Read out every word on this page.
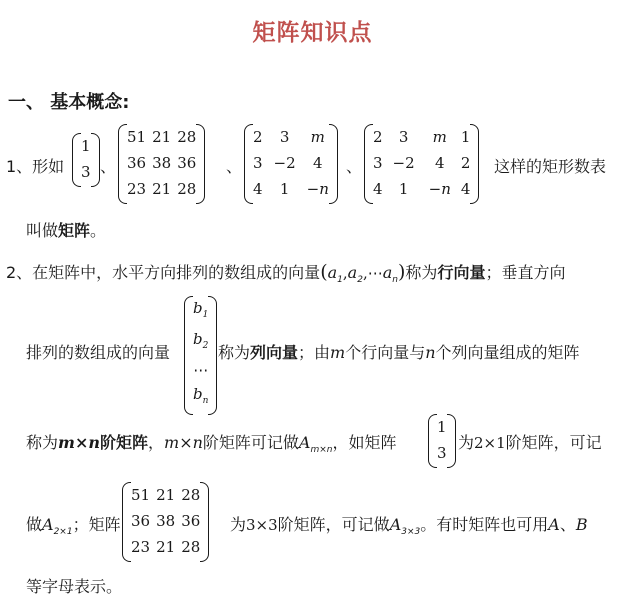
矩阵知识点
一、 基本概念:
1、形如
1
3 、
51	21	28
36	38	36
23	21	28
、
2	3	m
3	−2	4
4	1	−n
、
2	3	m	1
3	−2	4	2
4	1	−n	4
这样的矩形数表
叫做矩阵。
2、在矩阵中，水平方向排列的数组成的向量$(a_1,a_2,\cdots a_n)$称为行向量；垂直方向
排列的数组成的向量
$b_1$
$b_2$
⋯
$b_n$
称为列向量；由m个行向量与n个列向量组成的矩阵
称为m×n阶矩阵，m×n阶矩阵可记做$A_{m\times n}$，如矩阵
1
3
为2×1阶矩阵，可记
做$A_{2\times 1}$；矩阵
51	21	28
36	38	36
23	21	28
为3×3阶矩阵，可记做$A_{3\times 3}$。有时矩阵也可用A、B
等字母表示。
